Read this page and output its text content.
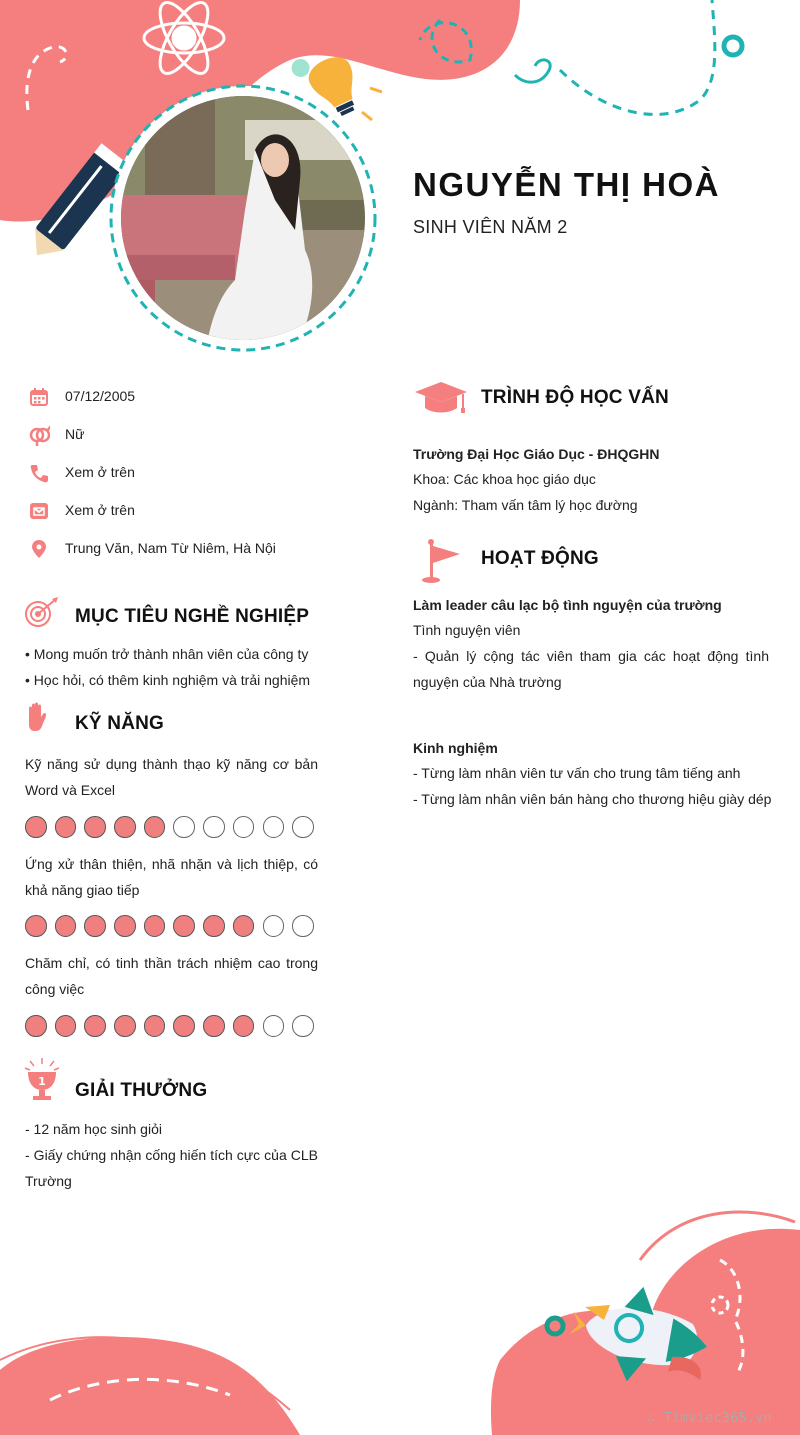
NGUYỄN THỊ HOÀ
SINH VIÊN NĂM 2
07/12/2005
Nữ
Xem ở trên
Xem ở trên
Trung Văn, Nam Từ Niêm, Hà Nội
MỤC TIÊU NGHỀ NGHIỆP
• Mong muốn trở thành nhân viên của công ty
• Học hỏi, có thêm kinh nghiệm và trải nghiệm
KỸ NĂNG
Kỹ năng sử dụng thành thạo kỹ năng cơ bản Word và Excel
Ứng xử thân thiện, nhã nhặn và lịch thiệp, có khả năng giao tiếp
Chăm chỉ, có tinh thần trách nhiệm cao trong công việc
1 GIẢI THƯỞNG
- 12 năm học sinh giỏi
- Giấy chứng nhận cống hiến tích cực của CLB Trường
TRÌNH ĐỘ HỌC VẤN
Trường Đại Học Giáo Dục - ĐHQGHN
Khoa: Các khoa học giáo dục
Ngành: Tham vấn tâm lý học đường
HOẠT ĐỘNG
Làm leader câu lạc bộ tình nguyện của trường
Tình nguyện viên
- Quản lý cộng tác viên tham gia các hoạt động tình nguyện của Nhà trường
Kinh nghiệm
- Từng làm nhân viên tư vấn cho trung tâm tiếng anh
- Từng làm nhân viên bán hàng cho thương hiệu giày dép
∴ Timviec365.vn
